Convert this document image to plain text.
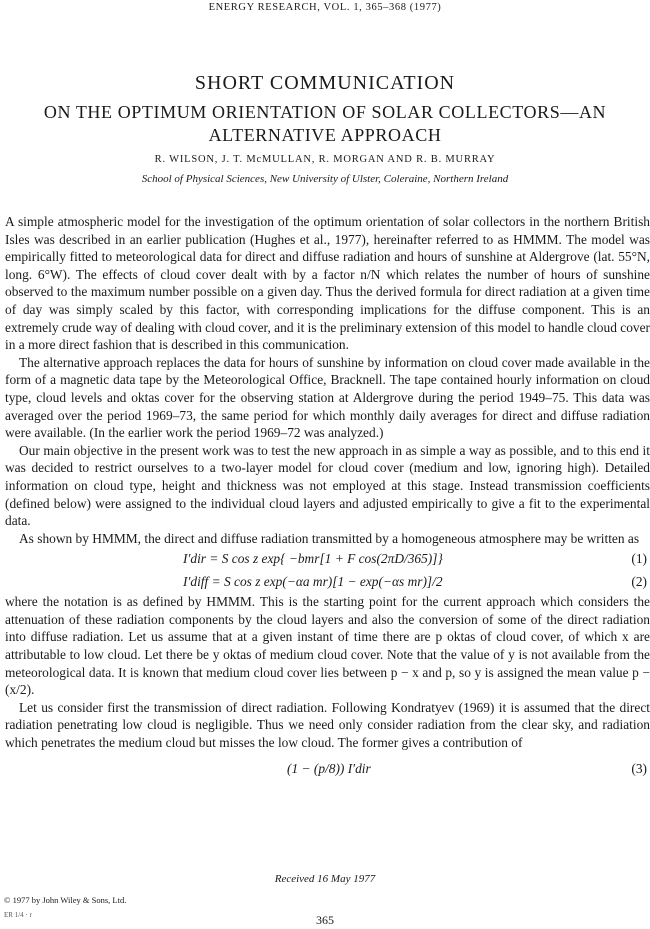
ENERGY RESEARCH, VOL. 1, 365–368 (1977)
SHORT COMMUNICATION
ON THE OPTIMUM ORIENTATION OF SOLAR COLLECTORS—AN ALTERNATIVE APPROACH
R. WILSON, J. T. McMULLAN, R. MORGAN AND R. B. MURRAY
School of Physical Sciences, New University of Ulster, Coleraine, Northern Ireland

A simple atmospheric model for the investigation of the optimum orientation of solar collectors in the northern British Isles was described in an earlier publication (Hughes et al., 1977), hereinafter referred to as HMMM. The model was empirically fitted to meteorological data for direct and diffuse radiation and hours of sunshine at Aldergrove (lat. 55°N, long. 6°W). The effects of cloud cover dealt with by a factor n/N which relates the number of hours of sunshine observed to the maximum number possible on a given day. Thus the derived formula for direct radiation at a given time of day was simply scaled by this factor, with corresponding implications for the diffuse component. This is an extremely crude way of dealing with cloud cover, and it is the preliminary extension of this model to handle cloud cover in a more direct fashion that is described in this communication.

The alternative approach replaces the data for hours of sunshine by information on cloud cover made available in the form of a magnetic data tape by the Meteorological Office, Bracknell. The tape contained hourly information on cloud type, cloud levels and oktas cover for the observing station at Aldergrove during the period 1949–75. This data was averaged over the period 1969–73, the same period for which monthly daily averages for direct and diffuse radiation were available. (In the earlier work the period 1969–72 was analyzed.)

Our main objective in the present work was to test the new approach in as simple a way as possible, and to this end it was decided to restrict ourselves to a two-layer model for cloud cover (medium and low, ignoring high). Detailed information on cloud type, height and thickness was not employed at this stage. Instead transmission coefficients (defined below) were assigned to the individual cloud layers and adjusted empirically to give a fit to the experimental data.

As shown by HMMM, the direct and diffuse radiation transmitted by a homogeneous atmosphere may be written as

I′dir = S cos z exp{ −bmr[1 + F cos(2πD/365)]}	(1)
I′diff = S cos z exp(−αa mr)[1 − exp(−αs mr)]/2	(2)

where the notation is as defined by HMMM. This is the starting point for the current approach which considers the attenuation of these radiation components by the cloud layers and also the conversion of some of the direct radiation into diffuse radiation. Let us assume that at a given instant of time there are p oktas of cloud cover, of which x are attributable to low cloud. Let there be y oktas of medium cloud cover. Note that the value of y is not available from the meteorological data. It is known that medium cloud cover lies between p − x and p, so y is assigned the mean value p − (x/2).

Let us consider first the transmission of direct radiation. Following Kondratyev (1969) it is assumed that the direct radiation penetrating low cloud is negligible. Thus we need only consider radiation from the clear sky, and radiation which penetrates the medium cloud but misses the low cloud. The former gives a contribution of

(1 − (p/8)) I′dir	(3)
Received 16 May 1977
© 1977 by John Wiley & Sons, Ltd.
ER 1/4 · r	365
